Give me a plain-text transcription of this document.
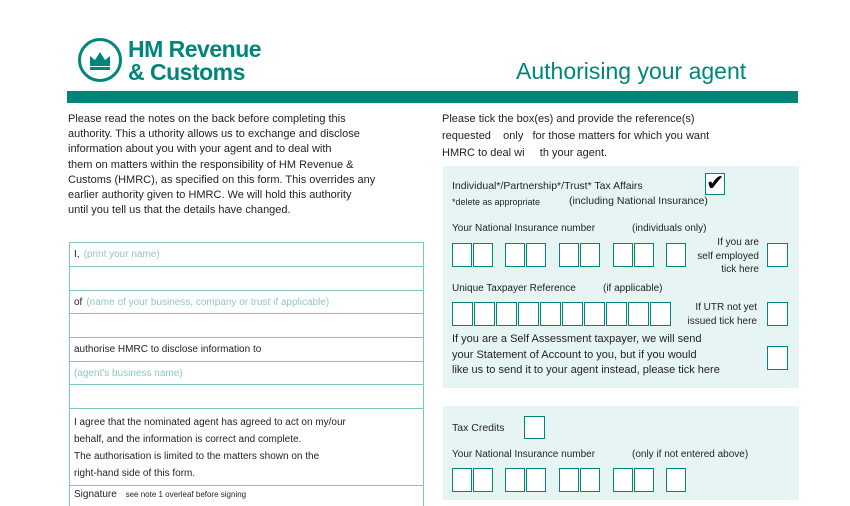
HM Revenue
& Customs	Authorising your agent
Please read the notes on the back before completing this
authority. This a uthority allows us to exchange and disclose
information about you with your agent and to deal with
them on matters within the responsibility of HM Revenue &
Customs (HMRC), as specified on this form. This overrides any
earlier authority given to HMRC. We will hold this authority
until you tell us that the details have changed.
I, (print your name)
of (name of your business, company or trust if applicable)
authorise HMRC to disclose information to
(agent's business name)
I agree that the nominated agent has agreed to act on my/our
behalf, and the information is correct and complete.
The authorisation is limited to the matters shown on the
right-hand side of this form.
Signature see note 1 overleaf before signing
Please tick the box(es) and provide the reference(s)
requested    only   for those matters for which you want
HMRC to deal wi     th your agent.
Individual*/Partnership*/Trust* Tax Affairs	✔
*delete as appropriate	(including National Insurance)
Your National Insurance number	(individuals only)
If you are
self employed
tick here
Unique Taxpayer Reference	(if applicable)
If UTR not yet
issued tick here
If you are a Self Assessment taxpayer, we will send
your Statement of Account to you, but if you would
like us to send it to your agent instead, please tick here
Tax Credits
Your National Insurance number	(only if not entered above)
